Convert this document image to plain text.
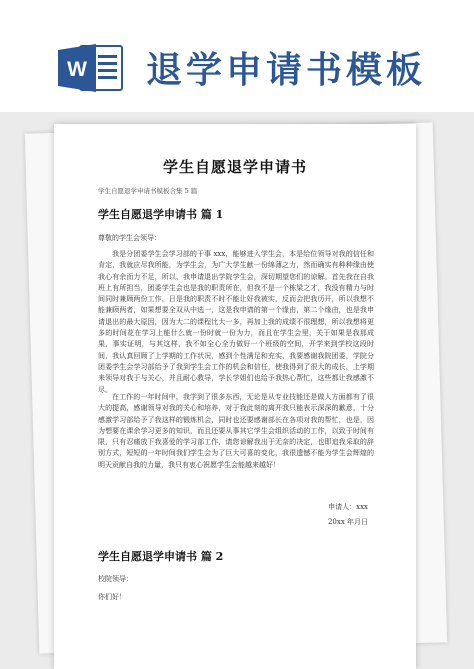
W 退学申请书模板
学生自愿退学申请书
学生自愿退学申请书模板合集 5 篇
学生自愿退学申请书 篇 1
尊敬的学生会领导：

我是分团委学生会学习部的干事 xxx，能够进入学生会，本是给位领导对我的信任和肯定，我就应尽我所能，为学生会，为广大学生献一份绵薄之力，然而确实有种种缘由使我心有余而力不足，所以，我申请退出学院学生会，深切期望您们的谅解。首先我在自我班上有所担当，团委学生会也是我的职责所在，但我不是一个栋梁之才，我没有精力与时间同时兼顾两份工作，日是我的职责不时不能让好我被实，反而会把我历开，所以我想不能兼顾两者，如果想要全双从中选一，这是我申请的第一个缘由，第二个缘由，也是我申请退出的最大原因，因为大二的课程比大一多，再加上我的成绩不很理想，所以我想将更多的时间花在学习上能什么就一份时就一份为力，而且在学生会里，关于如果是我那成果，事实证明，与其这样，我不如全心全力做好一个班级的空间，开学来到学校这段时间，我认真回顾了上学期的工作状况，感到个性满足和充实，我要感谢我院团委，学院分团委学生会学习部给予了我到学生会工作的机会和信任，使我得到了很大的成长，上学期来领导对我于与关心，并且耐心教导，学长学姐们也给予我热心帮忙，这些都让我感激不尽。

在工作的一年时间中，我学到了很多东西，无论是从专业技能还是做人方面都有了很大的提高，感谢领导对我的关心和培养，对于我此刻的离开我只能表示深深的歉意，十分感激学习部给予了我这样的锻炼机会，同时也还要感谢部长在各项对我的帮忙，也是，因为想要在课余学习更多的知识，而且还要从事其它学生会组织活动的工作，以致于时间有限，只有忍痛放下我喜爱的学习部工作，请您谅解我出于无奈的决定，也即追我采取的辞别方式，短短的一年时间我们学生会为了巨大可喜的变化，我很遗憾不能为学生会辉煌的明天贡献自我的力量，我只有衷心祝愿学生会能越来越好！

申请人：xxx
20xx 年月日
学生自愿退学申请书 篇 2
校院领导：
你们好！
